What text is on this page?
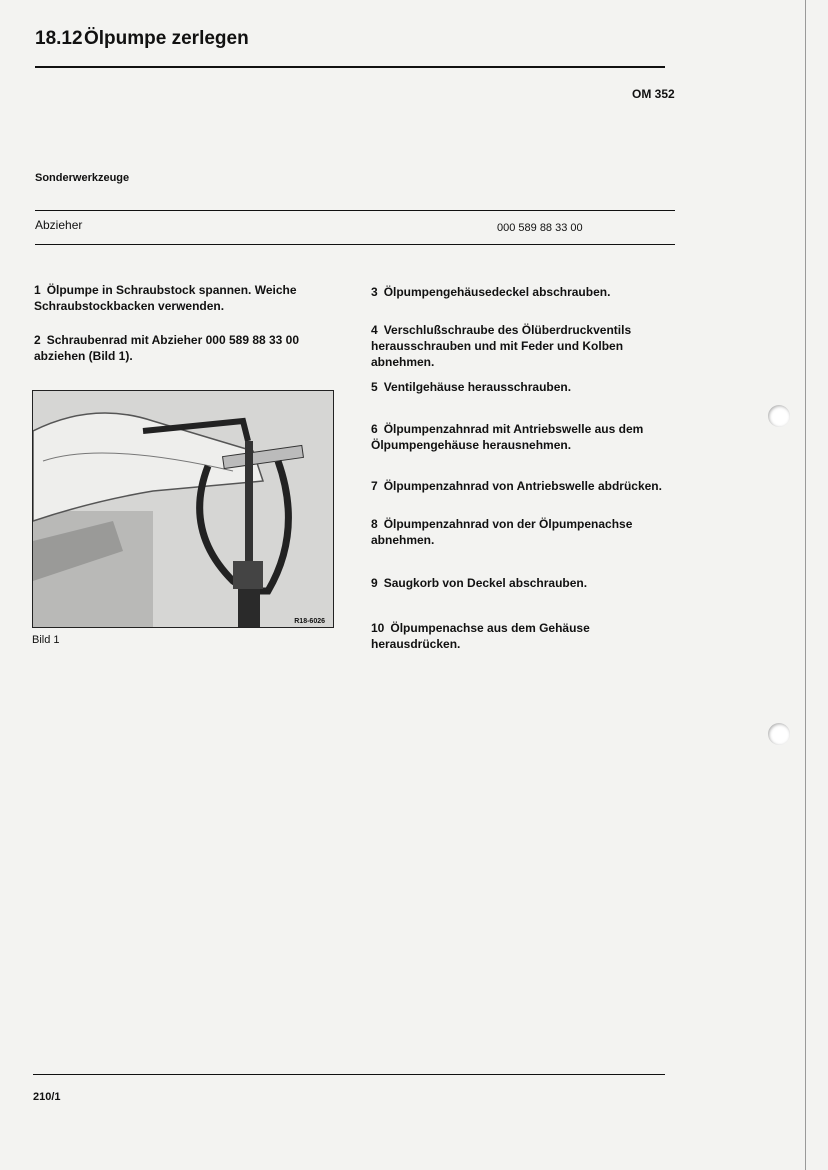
18.12 Ölpumpe zerlegen
OM 352
Sonderwerkzeuge
Abzieher	000 589 88 33 00
1 Ölpumpe in Schraubstock spannen. Weiche Schraubstockbacken verwenden.
2 Schraubenrad mit Abzieher 000 589 88 33 00 abziehen (Bild 1).
R18-6026
Bild 1
3 Ölpumpengehäusedeckel abschrauben.
4 Verschlußschraube des Ölüberdruckventils herausschrauben und mit Feder und Kolben abnehmen.
5 Ventilgehäuse herausschrauben.
6 Ölpumpenzahnrad mit Antriebswelle aus dem Ölpumpengehäuse herausnehmen.
7 Ölpumpenzahnrad von Antriebswelle abdrücken.
8 Ölpumpenzahnrad von der Ölpumpenachse abnehmen.
9 Saugkorb von Deckel abschrauben.
10 Ölpumpenachse aus dem Gehäuse herausdrücken.
210/1
